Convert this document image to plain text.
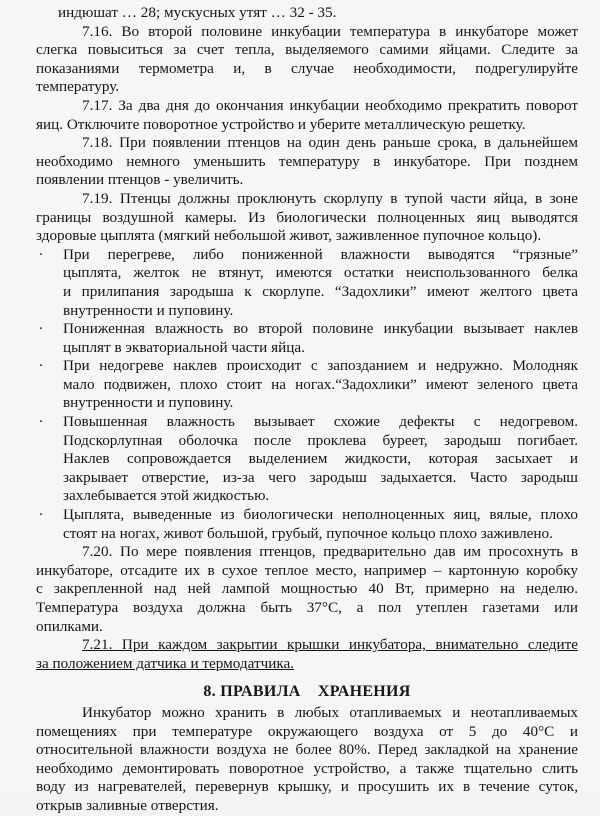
индюшат … 28; мускусных утят … 32 - 35.
7.16. Во второй половине инкубации температура в инкубаторе может
слегка повыситься за счет тепла, выделяемого самими яйцами. Следите за
показаниями термометра и, в случае необходимости, подрегулируйте
температуру.
7.17. За два дня до окончания инкубации необходимо прекратить поворот
яиц. Отключите поворотное устройство и уберите металлическую решетку.
7.18. При появлении птенцов на один день раньше срока, в дальнейшем
необходимо немного уменьшить температуру в инкубаторе. При позднем
появлении птенцов - увеличить.
7.19. Птенцы должны проклюнуть скорлупу в тупой части яйца, в зоне
границы воздушной камеры. Из биологически полноценных яиц выводятся
здоровые цыплята (мягкий небольшой живот, заживленное пупочное кольцо).
· При перегреве, либо пониженной влажности выводятся “грязные”
цыплята, желток не втянут, имеются остатки неиспользованного белка
и прилипания зародыша к скорлупе. “Задохлики” имеют желтого цвета
внутренности и пуповину.
· Пониженная влажность во второй половине инкубации вызывает наклев
цыплят в экваториальной части яйца.
· При недогреве наклев происходит с запозданием и недружно. Молодняк
мало подвижен, плохо стоит на ногах.“Задохлики” имеют зеленого цвета
внутренности и пуповину.
· Повышенная влажность вызывает схожие дефекты с недогревом.
Подскорлупная оболочка после проклева буреет, зародыш погибает.
Наклев сопровождается выделением жидкости, которая засыхает и
закрывает отверстие, из-за чего зародыш задыхается. Часто зародыш
захлебывается этой жидкостью.
· Цыплята, выведенные из биологически неполноценных яиц, вялые, плохо
стоят на ногах, живот большой, грубый, пупочное кольцо плохо заживлено.
7.20. По мере появления птенцов, предварительно дав им просохнуть в
инкубаторе, отсадите их в сухое теплое место, например – картонную коробку
с закрепленной над ней лампой мощностью 40 Вт, примерно на неделю.
Температура воздуха должна быть 37°С, а пол утеплен газетами или
опилками.
7.21. При каждом закрытии крышки инкубатора, внимательно следите
за положением датчика и термодатчика.
8. ПРАВИЛА    ХРАНЕНИЯ
Инкубатор можно хранить в любых отапливаемых и неотапливаемых
помещениях при температуре окружающего воздуха от 5 до 40°С и
относительной влажности воздуха не более 80%. Перед закладкой на хранение
необходимо демонтировать поворотное устройство, а также тщательно слить
воду из нагревателей, перевернув крышку, и просушить их в течение суток,
открыв заливные отверстия.
